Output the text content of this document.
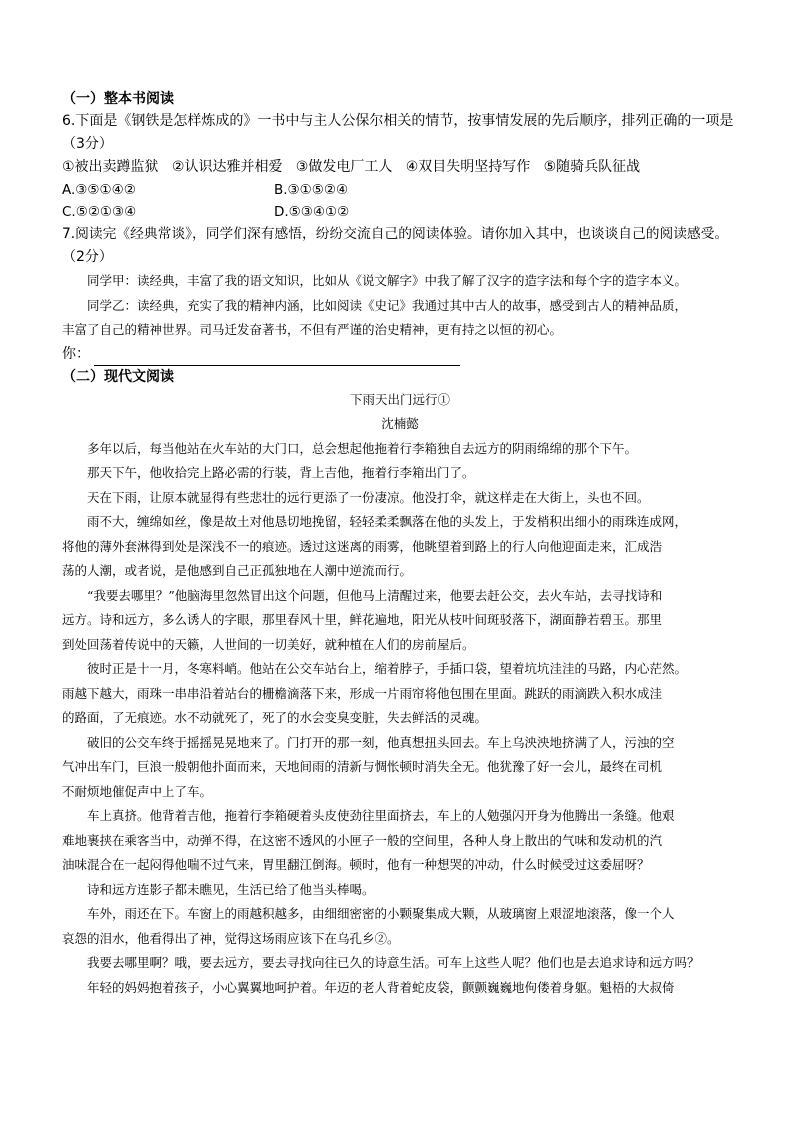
（一）整本书阅读
6.下面是《钢铁是怎样炼成的》一书中与主人公保尔相关的情节，按事情发展的先后顺序，排列正确的一项是
（3分）
①被出卖蹲监狱   ②认识达雅并相爱   ③做发电厂工人   ④双目失明坚持写作   ⑤随骑兵队征战
A.③⑤①④②	B.③①⑤②④
C.⑤②①③④	D.⑤③④①②
7.阅读完《经典常谈》，同学们深有感悟，纷纷交流自己的阅读体验。请你加入其中，也谈谈自己的阅读感受。
（2分）
同学甲：读经典，丰富了我的语文知识，比如从《说文解字》中我了解了汉字的造字法和每个字的造字本义。
同学乙：读经典，充实了我的精神内涵，比如阅读《史记》我通过其中古人的故事，感受到古人的精神品质，
丰富了自己的精神世界。司马迁发奋著书，不但有严谨的治史精神，更有持之以恒的初心。
你：
（二）现代文阅读
下雨天出门远行①
沈楠懿
多年以后，每当他站在火车站的大门口，总会想起他拖着行李箱独自去远方的阴雨绵绵的那个下午。
那天下午，他收拾完上路必需的行装，背上吉他，拖着行李箱出门了。
天在下雨，让原本就显得有些悲壮的远行更添了一份凄凉。他没打伞，就这样走在大街上，头也不回。
雨不大，缠绵如丝，像是故土对他恳切地挽留，轻轻柔柔飘落在他的头发上，于发梢积出细小的雨珠连成网，
将他的薄外套淋得到处是深浅不一的痕迹。透过这迷离的雨雾，他眺望着到路上的行人向他迎面走来，汇成浩
荡的人潮，或者说，是他感到自己正孤独地在人潮中逆流而行。
“我要去哪里？”他脑海里忽然冒出这个问题，但他马上清醒过来，他要去赶公交，去火车站，去寻找诗和
远方。诗和远方，多么诱人的字眼，那里春风十里，鲜花遍地，阳光从枝叶间斑驳落下，湖面静若碧玉。那里
到处回荡着传说中的天籁，人世间的一切美好，就种植在人们的房前屋后。
彼时正是十一月，冬寒料峭。他站在公交车站台上，缩着脖子，手插口袋，望着坑坑洼洼的马路，内心茫然。
雨越下越大，雨珠一串串沿着站台的栅檐滴落下来，形成一片雨帘将他包围在里面。跳跃的雨滴跌入积水成洼
的路面，了无痕迹。水不动就死了，死了的水会变臭变脏，失去鲜活的灵魂。
破旧的公交车终于摇摇晃晃地来了。门打开的那一刻，他真想扭头回去。车上乌泱泱地挤满了人，污浊的空
气冲出车门，巨浪一般朝他扑面而来，天地间雨的清新与惆怅顿时消失全无。他犹豫了好一会儿，最终在司机
不耐烦地催促声中上了车。
车上真挤。他背着吉他，拖着行李箱硬着头皮使劲往里面挤去，车上的人勉强闪开身为他腾出一条缝。他艰
难地裹挟在乘客当中，动弹不得，在这密不透风的小匣子一般的空间里，各种人身上散出的气味和发动机的汽
油味混合在一起闷得他喘不过气来，胃里翻江倒海。顿时，他有一种想哭的冲动，什么时候受过这委屈呀？
诗和远方连影子都未瞧见，生活已给了他当头棒喝。
车外，雨还在下。车窗上的雨越积越多，由细细密密的小颗聚集成大颗，从玻璃窗上艰涩地滚落，像一个人
哀怨的泪水，他看得出了神，觉得这场雨应该下在乌孔乡②。
我要去哪里啊？哦，要去远方，要去寻找向往已久的诗意生活。可车上这些人呢？他们也是去追求诗和远方吗？
年轻的妈妈抱着孩子，小心翼翼地呵护着。年迈的老人背着蛇皮袋，颤颤巍巍地佝偻着身躯。魁梧的大叔倚
